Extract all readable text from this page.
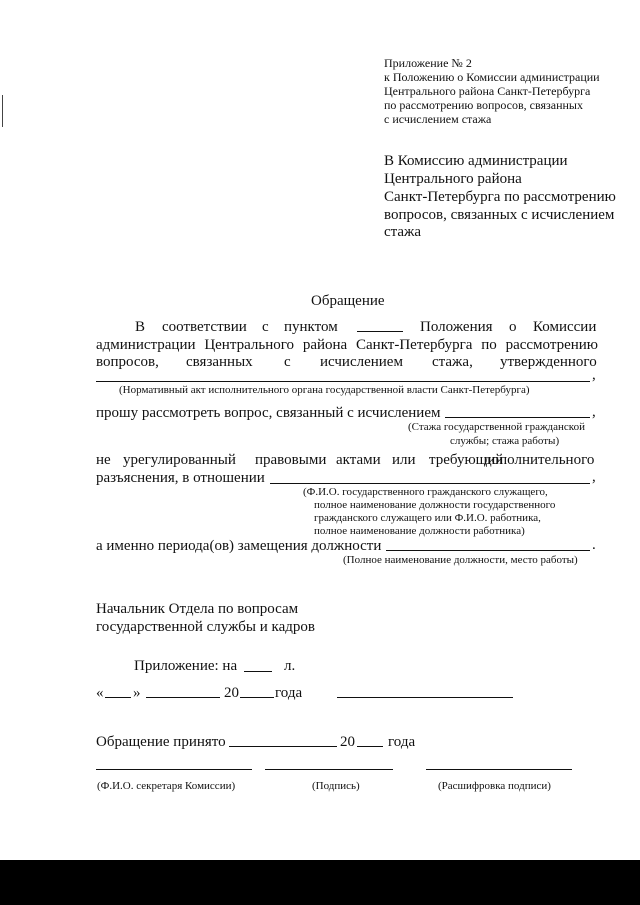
Приложение № 2
к Положению о Комиссии администрации
Центрального района Санкт-Петербурга
по рассмотрению вопросов, связанных
с исчислением стажа
В Комиссию администрации
Центрального района
Санкт-Петербурга по рассмотрению
вопросов, связанных с исчислением
стажа
Обращение
В соответствии с пунктом	Положения о Комиссии
администрации Центрального района Санкт-Петербурга по рассмотрению
вопросов, связанных с исчислением стажа, утвержденного
,
(Нормативный акт исполнительного органа государственной власти Санкт-Петербурга)
прошу рассмотреть вопрос, связанный с исчислением	,
(Стажа государственной гражданской
службы; стажа работы)
не урегулированный правовыми актами или требующий
дополнительного
разъяснения, в отношении	,
(Ф.И.О. государственного гражданского служащего,
полное наименование должности государственного
гражданского служащего или Ф.И.О. работника,
полное наименование должности работника)
а именно периода(ов) замещения должности	.
(Полное наименование должности, место работы)
Начальник Отдела по вопросам
государственной службы и кадров
Приложение: на	л.
« »	20 года
Обращение принято	20 года
(Ф.И.О. секретаря Комиссии)	(Подпись)	(Расшифровка подписи)
